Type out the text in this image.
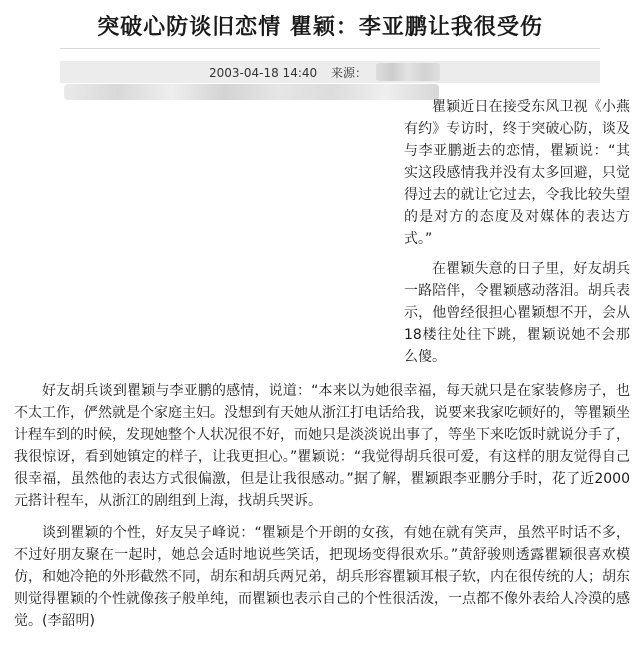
突破心防谈旧恋情 瞿颖：李亚鹏让我很受伤
2003-04-18 14:40 来源：

瞿颖近日在接受东风卫视《小燕有约》专访时，终于突破心防，谈及与李亚鹏逝去的恋情，瞿颖说：“其实这段感情我并没有太多回避，只觉得过去的就让它过去，令我比较失望的是对方的态度及对媒体的表达方式。”

在瞿颖失意的日子里，好友胡兵一路陪伴，令瞿颖感动落泪。胡兵表示，他曾经很担心瞿颖想不开，会从18楼往处往下跳，瞿颖说她不会那么傻。

好友胡兵谈到瞿颖与李亚鹏的感情，说道：“本来以为她很幸福，每天就只是在家装修房子，也不太工作，俨然就是个家庭主妇。没想到有天她从浙江打电话给我，说要来我家吃顿好的，等瞿颖坐计程车到的时候，发现她整个人状况很不好，而她只是淡淡说出事了，等坐下来吃饭时就说分手了，我很惊讶，看到她镇定的样子，让我更担心。”瞿颖说：“我觉得胡兵很可爱，有这样的朋友觉得自己很幸福，虽然他的表达方式很偏激，但是让我很感动。”据了解，瞿颖跟李亚鹏分手时，花了近2000元搭计程车，从浙江的剧组到上海，找胡兵哭诉。

谈到瞿颖的个性，好友吴子峰说：“瞿颖是个开朗的女孩，有她在就有笑声，虽然平时话不多，不过好朋友聚在一起时，她总会适时地说些笑话，把现场变得很欢乐。”黄舒骏则透露瞿颖很喜欢模仿，和她冷艳的外形截然不同，胡东和胡兵两兄弟，胡兵形容瞿颖耳根子软，内在很传统的人；胡东则觉得瞿颖的个性就像孩子般单纯，而瞿颖也表示自己的个性很活泼，一点都不像外表给人冷漠的感觉。(李韶明)
